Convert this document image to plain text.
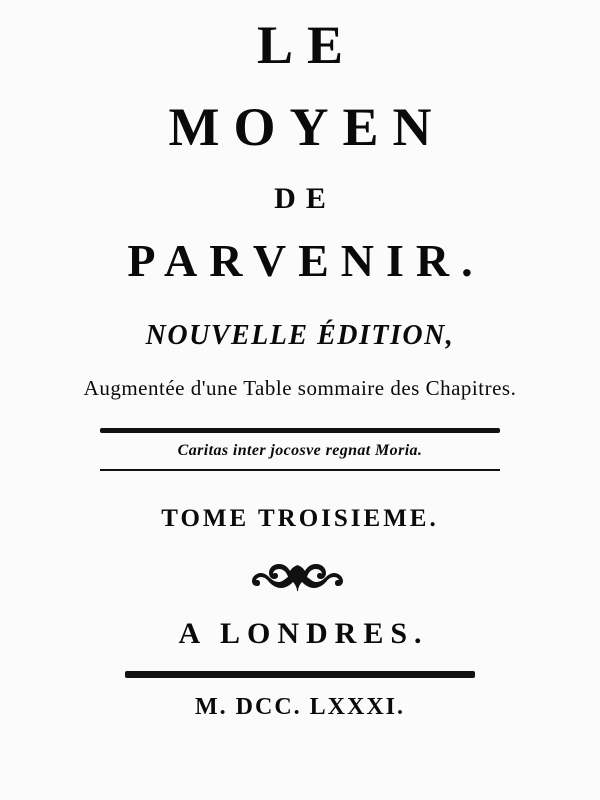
LE
MOYEN
DE
PARVENIR.
NOUVELLE ÉDITION,
Augmentée d'une Table sommaire des Chapitres.
Caritas inter jocosve regnat Moria.
TOME TROISIEME.
A LONDRES.
M. DCC. LXXXI.
